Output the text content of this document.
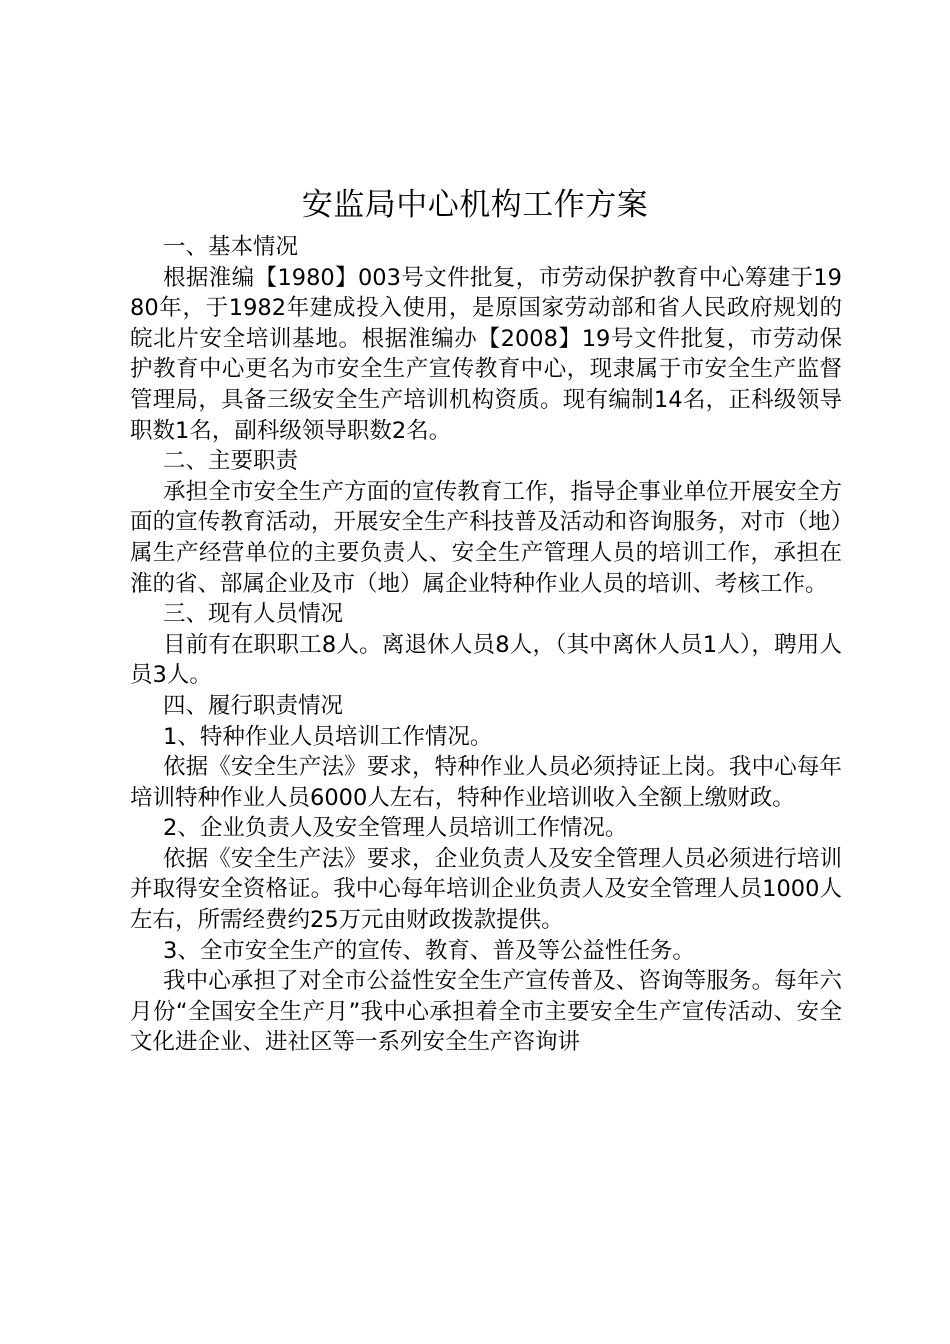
安监局中心机构工作方案

一、基本情况

根据淮编【1980】003号文件批复，市劳动保护教育中心筹建于1980年，于1982年建成投入使用，是原国家劳动部和省人民政府规划的皖北片安全培训基地。根据淮编办【2008】19号文件批复，市劳动保护教育中心更名为市安全生产宣传教育中心，现隶属于市安全生产监督管理局，具备三级安全生产培训机构资质。现有编制14名，正科级领导职数1名，副科级领导职数2名。

二、主要职责

承担全市安全生产方面的宣传教育工作，指导企事业单位开展安全方面的宣传教育活动，开展安全生产科技普及活动和咨询服务，对市（地）属生产经营单位的主要负责人、安全生产管理人员的培训工作，承担在淮的省、部属企业及市（地）属企业特种作业人员的培训、考核工作。

三、现有人员情况

目前有在职职工8人。离退休人员8人，（其中离休人员1人），聘用人员3人。

四、履行职责情况

1、特种作业人员培训工作情况。

依据《安全生产法》要求，特种作业人员必须持证上岗。我中心每年培训特种作业人员6000人左右，特种作业培训收入全额上缴财政。

2、企业负责人及安全管理人员培训工作情况。

依据《安全生产法》要求，企业负责人及安全管理人员必须进行培训并取得安全资格证。我中心每年培训企业负责人及安全管理人员1000人左右，所需经费约25万元由财政拨款提供。

3、全市安全生产的宣传、教育、普及等公益性任务。

我中心承担了对全市公益性安全生产宣传普及、咨询等服务。每年六月份“全国安全生产月”我中心承担着全市主要安全生产宣传活动、安全文化进企业、进社区等一系列安全生产咨询讲
